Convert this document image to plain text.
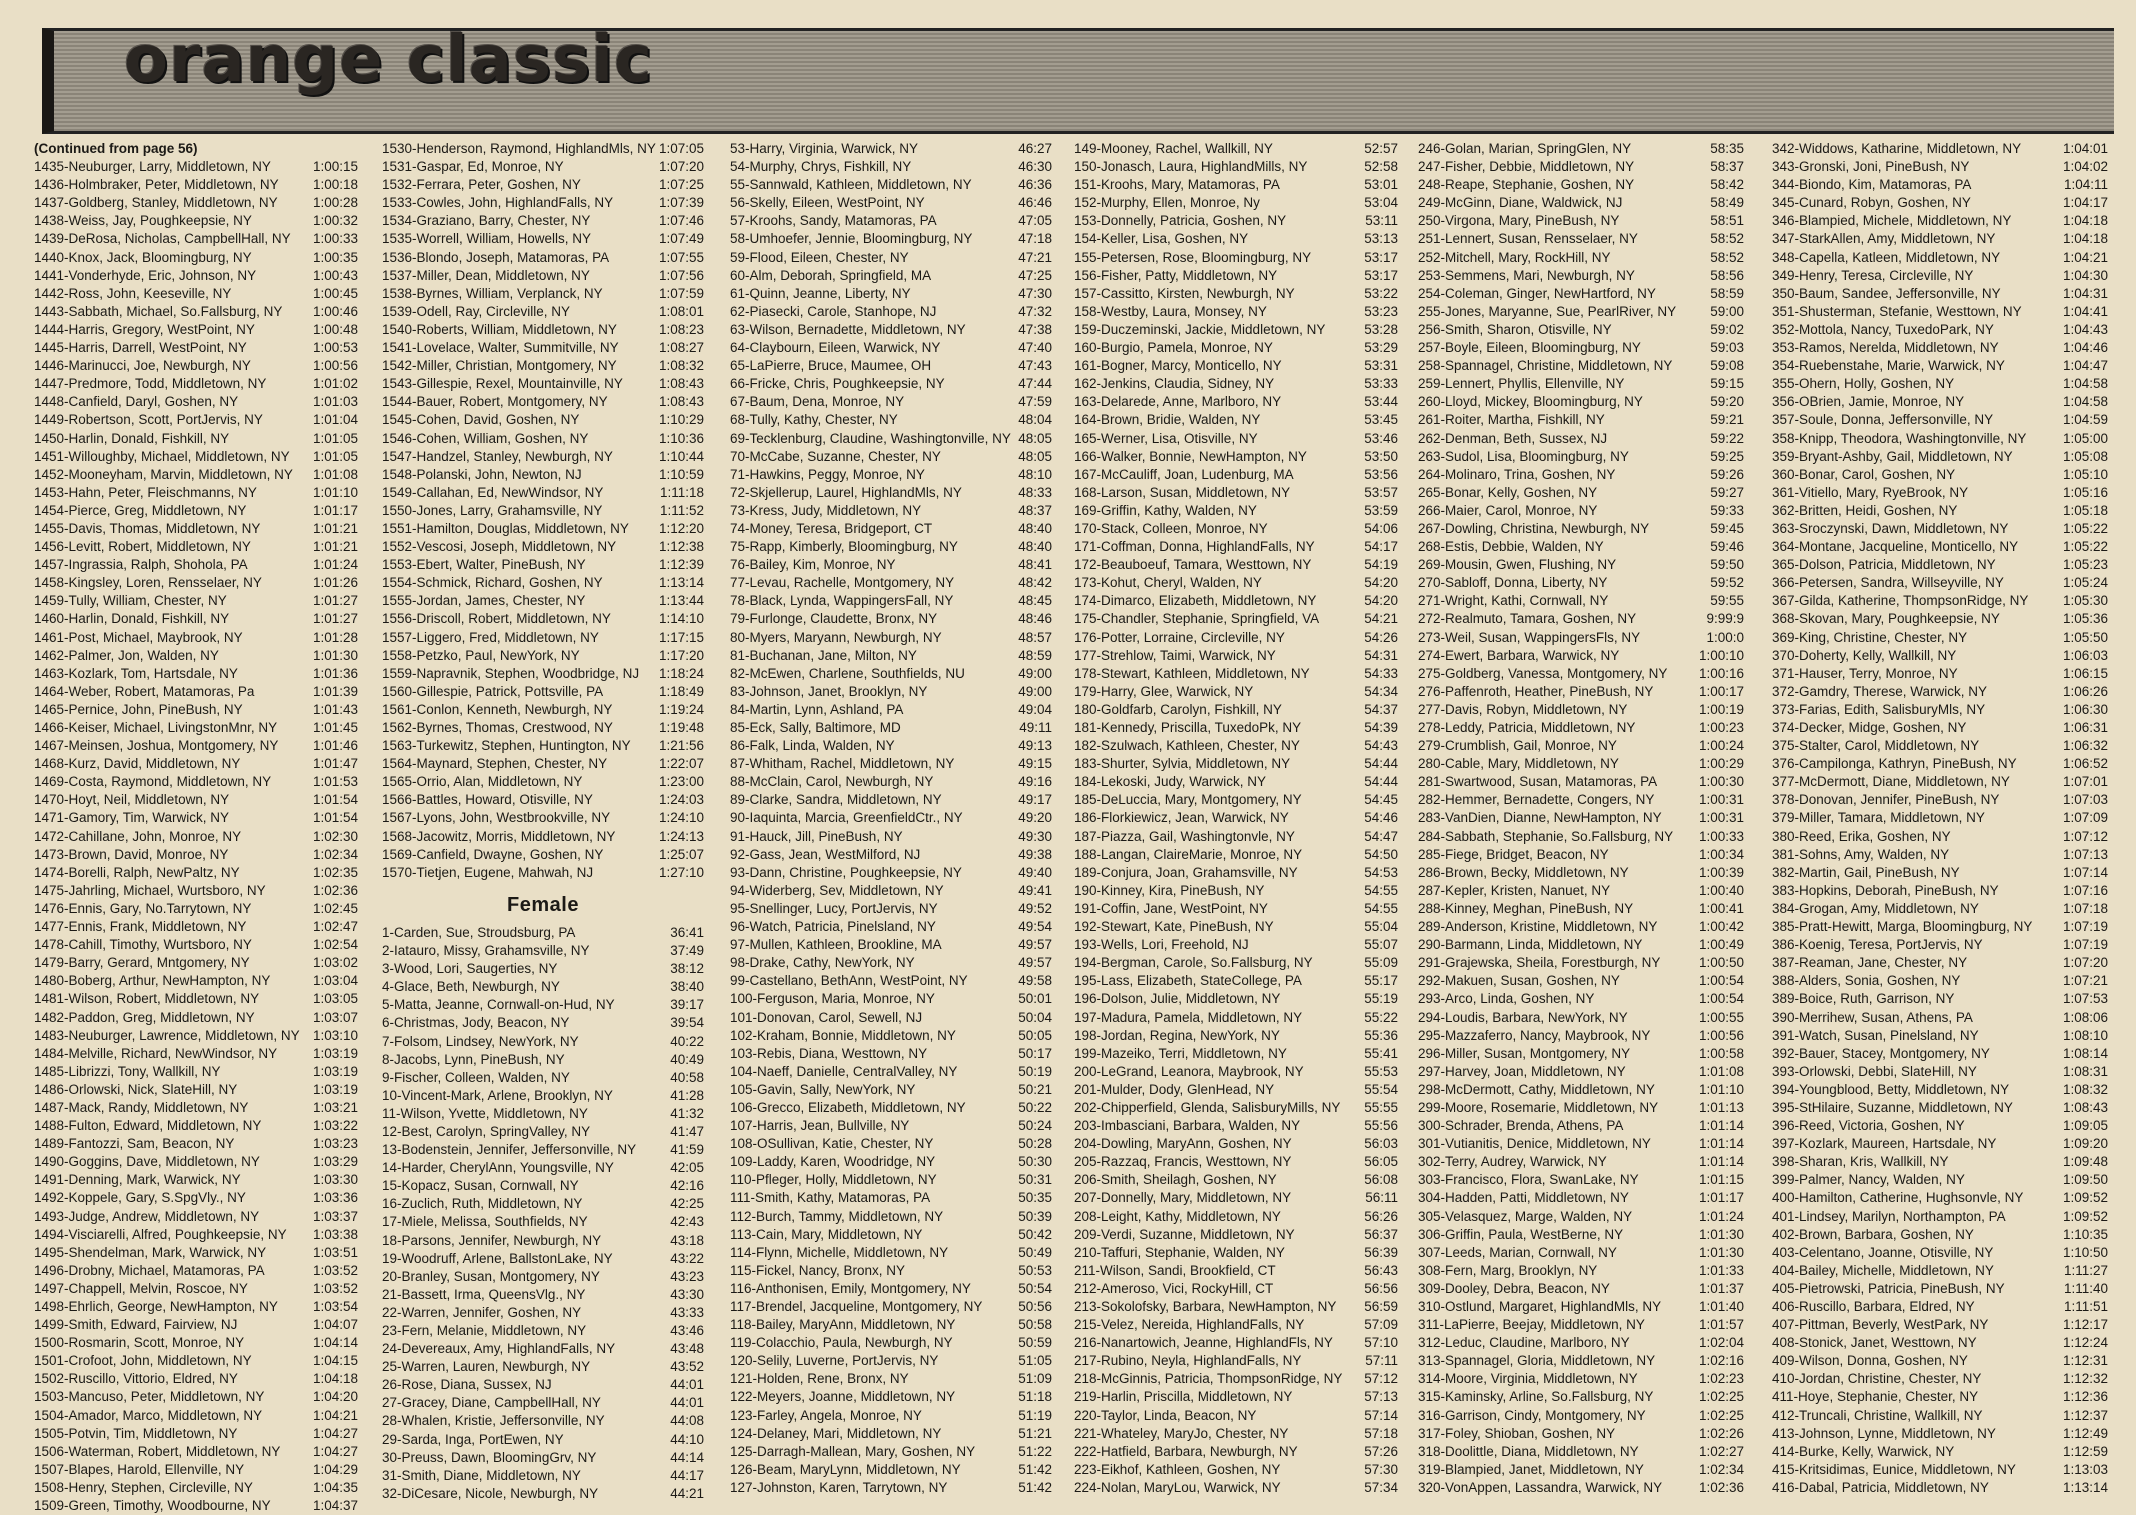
orange classic
(Continued from page 56)
1435-Neuburger, Larry, Middletown, NY	1:00:15
1436-Holmbraker, Peter, Middletown, NY	1:00:18
1437-Goldberg, Stanley, Middletown, NY	1:00:28
1438-Weiss, Jay, Poughkeepsie, NY	1:00:32
1439-DeRosa, Nicholas, CampbellHall, NY	1:00:33
1440-Knox, Jack, Bloomingburg, NY	1:00:35
1441-Vonderhyde, Eric, Johnson, NY	1:00:43
1442-Ross, John, Keeseville, NY	1:00:45
1443-Sabbath, Michael, So.Fallsburg, NY	1:00:46
1444-Harris, Gregory, WestPoint, NY	1:00:48
1445-Harris, Darrell, WestPoint, NY	1:00:53
1446-Marinucci, Joe, Newburgh, NY	1:00:56
1447-Predmore, Todd, Middletown, NY	1:01:02
1448-Canfield, Daryl, Goshen, NY	1:01:03
1449-Robertson, Scott, PortJervis, NY	1:01:04
1450-Harlin, Donald, Fishkill, NY	1:01:05
1451-Willoughby, Michael, Middletown, NY	1:01:05
1452-Mooneyham, Marvin, Middletown, NY	1:01:08
1453-Hahn, Peter, Fleischmanns, NY	1:01:10
1454-Pierce, Greg, Middletown, NY	1:01:17
1455-Davis, Thomas, Middletown, NY	1:01:21
1456-Levitt, Robert, Middletown, NY	1:01:21
1457-Ingrassia, Ralph, Shohola, PA	1:01:24
1458-Kingsley, Loren, Rensselaer, NY	1:01:26
1459-Tully, William, Chester, NY	1:01:27
1460-Harlin, Donald, Fishkill, NY	1:01:27
1461-Post, Michael, Maybrook, NY	1:01:28
1462-Palmer, Jon, Walden, NY	1:01:30
1463-Kozlark, Tom, Hartsdale, NY	1:01:36
1464-Weber, Robert, Matamoras, Pa	1:01:39
1465-Pernice, John, PineBush, NY	1:01:43
1466-Keiser, Michael, LivingstonMnr, NY	1:01:45
1467-Meinsen, Joshua, Montgomery, NY	1:01:46
1468-Kurz, David, Middletown, NY	1:01:47
1469-Costa, Raymond, Middletown, NY	1:01:53
1470-Hoyt, Neil, Middletown, NY	1:01:54
1471-Gamory, Tim, Warwick, NY	1:01:54
1472-Cahillane, John, Monroe, NY	1:02:30
1473-Brown, David, Monroe, NY	1:02:34
1474-Borelli, Ralph, NewPaltz, NY	1:02:35
1475-Jahrling, Michael, Wurtsboro, NY	1:02:36
1476-Ennis, Gary, No.Tarrytown, NY	1:02:45
1477-Ennis, Frank, Middletown, NY	1:02:47
1478-Cahill, Timothy, Wurtsboro, NY	1:02:54
1479-Barry, Gerard, Mntgomery, NY	1:03:02
1480-Boberg, Arthur, NewHampton, NY	1:03:04
1481-Wilson, Robert, Middletown, NY	1:03:05
1482-Paddon, Greg, Middletown, NY	1:03:07
1483-Neuburger, Lawrence, Middletown, NY 1:03:10
1484-Melville, Richard, NewWindsor, NY	1:03:19
1485-Librizzi, Tony, Wallkill, NY	1:03:19
1486-Orlowski, Nick, SlateHill, NY	1:03:19
1487-Mack, Randy, Middletown, NY	1:03:21
1488-Fulton, Edward, Middletown, NY	1:03:22
1489-Fantozzi, Sam, Beacon, NY	1:03:23
1490-Goggins, Dave, Middletown, NY	1:03:29
1491-Denning, Mark, Warwick, NY	1:03:30
1492-Koppele, Gary, S.SpgVly., NY	1:03:36
1493-Judge, Andrew, Middletown, NY	1:03:37
1494-Visciarelli, Alfred, Poughkeepsie, NY	1:03:38
1495-Shendelman, Mark, Warwick, NY	1:03:51
1496-Drobny, Michael, Matamoras, PA	1:03:52
1497-Chappell, Melvin, Roscoe, NY	1:03:52
1498-Ehrlich, George, NewHampton, NY	1:03:54
1499-Smith, Edward, Fairview, NJ	1:04:07
1500-Rosmarin, Scott, Monroe, NY	1:04:14
1501-Crofoot, John, Middletown, NY	1:04:15
1502-Ruscillo, Vittorio, Eldred, NY	1:04:18
1503-Mancuso, Peter, Middletown, NY	1:04:20
1504-Amador, Marco, Middletown, NY	1:04:21
1505-Potvin, Tim, Middletown, NY	1:04:27
1506-Waterman, Robert, Middletown, NY	1:04:27
1507-Blapes, Harold, Ellenville, NY	1:04:29
1508-Henry, Stephen, Circleville, NY	1:04:35
1509-Green, Timothy, Woodbourne, NY	1:04:37
1530-Henderson, Raymond, HighlandMls, NY 1:07:05
1531-Gaspar, Ed, Monroe, NY	1:07:20
1532-Ferrara, Peter, Goshen, NY	1:07:25
1533-Cowles, John, HighlandFalls, NY	1:07:39
1534-Graziano, Barry, Chester, NY	1:07:46
1535-Worrell, William, Howells, NY	1:07:49
1536-Blondo, Joseph, Matamoras, PA	1:07:55
1537-Miller, Dean, Middletown, NY	1:07:56
1538-Byrnes, William, Verplanck, NY	1:07:59
1539-Odell, Ray, Circleville, NY	1:08:01
1540-Roberts, William, Middletown, NY	1:08:23
1541-Lovelace, Walter, Summitville, NY	1:08:27
1542-Miller, Christian, Montgomery, NY	1:08:32
1543-Gillespie, Rexel, Mountainville, NY	1:08:43
1544-Bauer, Robert, Montgomery, NY	1:08:43
1545-Cohen, David, Goshen, NY	1:10:29
1546-Cohen, William, Goshen, NY	1:10:36
1547-Handzel, Stanley, Newburgh, NY	1:10:44
1548-Polanski, John, Newton, NJ	1:10:59
1549-Callahan, Ed, NewWindsor, NY	1:11:18
1550-Jones, Larry, Grahamsville, NY	1:11:52
1551-Hamilton, Douglas, Middletown, NY	1:12:20
1552-Vescosi, Joseph, Middletown, NY	1:12:38
1553-Ebert, Walter, PineBush, NY	1:12:39
1554-Schmick, Richard, Goshen, NY	1:13:14
1555-Jordan, James, Chester, NY	1:13:44
1556-Driscoll, Robert, Middletown, NY	1:14:10
1557-Liggero, Fred, Middletown, NY	1:17:15
1558-Petzko, Paul, NewYork, NY	1:17:20
1559-Napravnik, Stephen, Woodbridge, NJ	1:18:24
1560-Gillespie, Patrick, Pottsville, PA	1:18:49
1561-Conlon, Kenneth, Newburgh, NY	1:19:24
1562-Byrnes, Thomas, Crestwood, NY	1:19:48
1563-Turkewitz, Stephen, Huntington, NY	1:21:56
1564-Maynard, Stephen, Chester, NY	1:22:07
1565-Orrio, Alan, Middletown, NY	1:23:00
1566-Battles, Howard, Otisville, NY	1:24:03
1567-Lyons, John, Westbrookville, NY	1:24:10
1568-Jacowitz, Morris, Middletown, NY	1:24:13
1569-Canfield, Dwayne, Goshen, NY	1:25:07
1570-Tietjen, Eugene, Mahwah, NJ	1:27:10
Female
1-Carden, Sue, Stroudsburg, PA	36:41
2-Iatauro, Missy, Grahamsville, NY	37:49
3-Wood, Lori, Saugerties, NY	38:12
4-Glace, Beth, Newburgh, NY	38:40
5-Matta, Jeanne, Cornwall-on-Hud, NY	39:17
6-Christmas, Jody, Beacon, NY	39:54
7-Folsom, Lindsey, NewYork, NY	40:22
8-Jacobs, Lynn, PineBush, NY	40:49
9-Fischer, Colleen, Walden, NY	40:58
10-Vincent-Mark, Arlene, Brooklyn, NY	41:28
11-Wilson, Yvette, Middletown, NY	41:32
12-Best, Carolyn, SpringValley, NY	41:47
13-Bodenstein, Jennifer, Jeffersonville, NY	41:59
14-Harder, CherylAnn, Youngsville, NY	42:05
15-Kopacz, Susan, Cornwall, NY	42:16
16-Zuclich, Ruth, Middletown, NY	42:25
17-Miele, Melissa, Southfields, NY	42:43
18-Parsons, Jennifer, Newburgh, NY	43:18
19-Woodruff, Arlene, BallstonLake, NY	43:22
20-Branley, Susan, Montgomery, NY	43:23
21-Bassett, Irma, QueensVlg., NY	43:30
22-Warren, Jennifer, Goshen, NY	43:33
23-Fern, Melanie, Middletown, NY	43:46
24-Devereaux, Amy, HighlandFalls, NY	43:48
25-Warren, Lauren, Newburgh, NY	43:52
26-Rose, Diana, Sussex, NJ	44:01
27-Gracey, Diane, CampbellHall, NY	44:01
28-Whalen, Kristie, Jeffersonville, NY	44:08
29-Sarda, Inga, PortEwen, NY	44:10
30-Preuss, Dawn, BloomingGrv, NY	44:14
31-Smith, Diane, Middletown, NY	44:17
32-DiCesare, Nicole, Newburgh, NY	44:21
53-Harry, Virginia, Warwick, NY	46:27
54-Murphy, Chrys, Fishkill, NY	46:30
55-Sannwald, Kathleen, Middletown, NY	46:36
56-Skelly, Eileen, WestPoint, NY	46:46
57-Kroohs, Sandy, Matamoras, PA	47:05
58-Umhoefer, Jennie, Bloomingburg, NY	47:18
59-Flood, Eileen, Chester, NY	47:21
60-Alm, Deborah, Springfield, MA	47:25
61-Quinn, Jeanne, Liberty, NY	47:30
62-Piasecki, Carole, Stanhope, NJ	47:32
63-Wilson, Bernadette, Middletown, NY	47:38
64-Claybourn, Eileen, Warwick, NY	47:40
65-LaPierre, Bruce, Maumee, OH	47:43
66-Fricke, Chris, Poughkeepsie, NY	47:44
67-Baum, Dena, Monroe, NY	47:59
68-Tully, Kathy, Chester, NY	48:04
69-Tecklenburg, Claudine, Washingtonville, NY 48:05
70-McCabe, Suzanne, Chester, NY	48:05
71-Hawkins, Peggy, Monroe, NY	48:10
72-Skjellerup, Laurel, HighlandMls, NY	48:33
73-Kress, Judy, Middletown, NY	48:37
74-Money, Teresa, Bridgeport, CT	48:40
75-Rapp, Kimberly, Bloomingburg, NY	48:40
76-Bailey, Kim, Monroe, NY	48:41
77-Levau, Rachelle, Montgomery, NY	48:42
78-Black, Lynda, WappingersFall, NY	48:45
79-Furlonge, Claudette, Bronx, NY	48:46
80-Myers, Maryann, Newburgh, NY	48:57
81-Buchanan, Jane, Milton, NY	48:59
82-McEwen, Charlene, Southfields, NU	49:00
83-Johnson, Janet, Brooklyn, NY	49:00
84-Martin, Lynn, Ashland, PA	49:04
85-Eck, Sally, Baltimore, MD	49:11
86-Falk, Linda, Walden, NY	49:13
87-Whitham, Rachel, Middletown, NY	49:15
88-McClain, Carol, Newburgh, NY	49:16
89-Clarke, Sandra, Middletown, NY	49:17
90-Iaquinta, Marcia, GreenfieldCtr., NY	49:20
91-Hauck, Jill, PineBush, NY	49:30
92-Gass, Jean, WestMilford, NJ	49:38
93-Dann, Christine, Poughkeepsie, NY	49:40
94-Widerberg, Sev, Middletown, NY	49:41
95-Snellinger, Lucy, PortJervis, NY	49:52
96-Watch, Patricia, Pinelsland, NY	49:54
97-Mullen, Kathleen, Brookline, MA	49:57
98-Drake, Cathy, NewYork, NY	49:57
99-Castellano, BethAnn, WestPoint, NY	49:58
100-Ferguson, Maria, Monroe, NY	50:01
101-Donovan, Carol, Sewell, NJ	50:04
102-Kraham, Bonnie, Middletown, NY	50:05
103-Rebis, Diana, Westtown, NY	50:17
104-Naeff, Danielle, CentralValley, NY	50:19
105-Gavin, Sally, NewYork, NY	50:21
106-Grecco, Elizabeth, Middletown, NY	50:22
107-Harris, Jean, Bullville, NY	50:24
108-OSullivan, Katie, Chester, NY	50:28
109-Laddy, Karen, Woodridge, NY	50:30
110-Pfleger, Holly, Middletown, NY	50:31
111-Smith, Kathy, Matamoras, PA	50:35
112-Burch, Tammy, Middletown, NY	50:39
113-Cain, Mary, Middletown, NY	50:42
114-Flynn, Michelle, Middletown, NY	50:49
115-Fickel, Nancy, Bronx, NY	50:53
116-Anthonisen, Emily, Montgomery, NY	50:54
117-Brendel, Jacqueline, Montgomery, NY	50:56
118-Bailey, MaryAnn, Middletown, NY	50:58
119-Colacchio, Paula, Newburgh, NY	50:59
120-Selily, Luverne, PortJervis, NY	51:05
121-Holden, Rene, Bronx, NY	51:09
122-Meyers, Joanne, Middletown, NY	51:18
123-Farley, Angela, Monroe, NY	51:19
124-Delaney, Mari, Middletown, NY	51:21
125-Darragh-Mallean, Mary, Goshen, NY	51:22
126-Beam, MaryLynn, Middletown, NY	51:42
127-Johnston, Karen, Tarrytown, NY	51:42
149-Mooney, Rachel, Wallkill, NY	52:57
150-Jonasch, Laura, HighlandMills, NY	52:58
151-Kroohs, Mary, Matamoras, PA	53:01
152-Murphy, Ellen, Monroe, Ny	53:04
153-Donnelly, Patricia, Goshen, NY	53:11
154-Keller, Lisa, Goshen, NY	53:13
155-Petersen, Rose, Bloomingburg, NY	53:17
156-Fisher, Patty, Middletown, NY	53:17
157-Cassitto, Kirsten, Newburgh, NY	53:22
158-Westby, Laura, Monsey, NY	53:23
159-Duczeminski, Jackie, Middletown, NY	53:28
160-Burgio, Pamela, Monroe, NY	53:29
161-Bogner, Marcy, Monticello, NY	53:31
162-Jenkins, Claudia, Sidney, NY	53:33
163-Delarede, Anne, Marlboro, NY	53:44
164-Brown, Bridie, Walden, NY	53:45
165-Werner, Lisa, Otisville, NY	53:46
166-Walker, Bonnie, NewHampton, NY	53:50
167-McCauliff, Joan, Ludenburg, MA	53:56
168-Larson, Susan, Middletown, NY	53:57
169-Griffin, Kathy, Walden, NY	53:59
170-Stack, Colleen, Monroe, NY	54:06
171-Coffman, Donna, HighlandFalls, NY	54:17
172-Beauboeuf, Tamara, Westtown, NY	54:19
173-Kohut, Cheryl, Walden, NY	54:20
174-Dimarco, Elizabeth, Middletown, NY	54:20
175-Chandler, Stephanie, Springfield, VA	54:21
176-Potter, Lorraine, Circleville, NY	54:26
177-Strehlow, Taimi, Warwick, NY	54:31
178-Stewart, Kathleen, Middletown, NY	54:33
179-Harry, Glee, Warwick, NY	54:34
180-Goldfarb, Carolyn, Fishkill, NY	54:37
181-Kennedy, Priscilla, TuxedoPk, NY	54:39
182-Szulwach, Kathleen, Chester, NY	54:43
183-Shurter, Sylvia, Middletown, NY	54:44
184-Lekoski, Judy, Warwick, NY	54:44
185-DeLuccia, Mary, Montgomery, NY	54:45
186-Florkiewicz, Jean, Warwick, NY	54:46
187-Piazza, Gail, Washingtonvle, NY	54:47
188-Langan, ClaireMarie, Monroe, NY	54:50
189-Conjura, Joan, Grahamsville, NY	54:53
190-Kinney, Kira, PineBush, NY	54:55
191-Coffin, Jane, WestPoint, NY	54:55
192-Stewart, Kate, PineBush, NY	55:04
193-Wells, Lori, Freehold, NJ	55:07
194-Bergman, Carole, So.Fallsburg, NY	55:09
195-Lass, Elizabeth, StateCollege, PA	55:17
196-Dolson, Julie, Middletown, NY	55:19
197-Madura, Pamela, Middletown, NY	55:22
198-Jordan, Regina, NewYork, NY	55:36
199-Mazeiko, Terri, Middletown, NY	55:41
200-LeGrand, Leanora, Maybrook, NY	55:53
201-Mulder, Dody, GlenHead, NY	55:54
202-Chipperfield, Glenda, SalisburyMills, NY	55:55
203-Imbasciani, Barbara, Walden, NY	55:56
204-Dowling, MaryAnn, Goshen, NY	56:03
205-Razzaq, Francis, Westtown, NY	56:05
206-Smith, Sheilagh, Goshen, NY	56:08
207-Donnelly, Mary, Middletown, NY	56:11
208-Leight, Kathy, Middletown, NY	56:26
209-Verdi, Suzanne, Middletown, NY	56:37
210-Taffuri, Stephanie, Walden, NY	56:39
211-Wilson, Sandi, Brookfield, CT	56:43
212-Ameroso, Vici, RockyHill, CT	56:56
213-Sokolofsky, Barbara, NewHampton, NY	56:59
215-Velez, Nereida, HighlandFalls, NY	57:09
216-Nanartowich, Jeanne, HighlandFls, NY	57:10
217-Rubino, Neyla, HighlandFalls, NY	57:11
218-McGinnis, Patricia, ThompsonRidge, NY	57:12
219-Harlin, Priscilla, Middletown, NY	57:13
220-Taylor, Linda, Beacon, NY	57:14
221-Whateley, MaryJo, Chester, NY	57:18
222-Hatfield, Barbara, Newburgh, NY	57:26
223-Eikhof, Kathleen, Goshen, NY	57:30
224-Nolan, MaryLou, Warwick, NY	57:34
246-Golan, Marian, SpringGlen, NY	58:35
247-Fisher, Debbie, Middletown, NY	58:37
248-Reape, Stephanie, Goshen, NY	58:42
249-McGinn, Diane, Waldwick, NJ	58:49
250-Virgona, Mary, PineBush, NY	58:51
251-Lennert, Susan, Rensselaer, NY	58:52
252-Mitchell, Mary, RockHill, NY	58:52
253-Semmens, Mari, Newburgh, NY	58:56
254-Coleman, Ginger, NewHartford, NY	58:59
255-Jones, Maryanne, Sue, PearlRiver, NY	59:00
256-Smith, Sharon, Otisville, NY	59:02
257-Boyle, Eileen, Bloomingburg, NY	59:03
258-Spannagel, Christine, Middletown, NY	59:08
259-Lennert, Phyllis, Ellenville, NY	59:15
260-Lloyd, Mickey, Bloomingburg, NY	59:20
261-Roiter, Martha, Fishkill, NY	59:21
262-Denman, Beth, Sussex, NJ	59:22
263-Sudol, Lisa, Bloomingburg, NY	59:25
264-Molinaro, Trina, Goshen, NY	59:26
265-Bonar, Kelly, Goshen, NY	59:27
266-Maier, Carol, Monroe, NY	59:33
267-Dowling, Christina, Newburgh, NY	59:45
268-Estis, Debbie, Walden, NY	59:46
269-Mousin, Gwen, Flushing, NY	59:50
270-Sabloff, Donna, Liberty, NY	59:52
271-Wright, Kathi, Cornwall, NY	59:55
272-Realmuto, Tamara, Goshen, NY	9:99:9
273-Weil, Susan, WappingersFls, NY	1:00:0
274-Ewert, Barbara, Warwick, NY	1:00:10
275-Goldberg, Vanessa, Montgomery, NY	1:00:16
276-Paffenroth, Heather, PineBush, NY	1:00:17
277-Davis, Robyn, Middletown, NY	1:00:19
278-Leddy, Patricia, Middletown, NY	1:00:23
279-Crumblish, Gail, Monroe, NY	1:00:24
280-Cable, Mary, Middletown, NY	1:00:29
281-Swartwood, Susan, Matamoras, PA	1:00:30
282-Hemmer, Bernadette, Congers, NY	1:00:31
283-VanDien, Dianne, NewHampton, NY	1:00:31
284-Sabbath, Stephanie, So.Fallsburg, NY	1:00:33
285-Fiege, Bridget, Beacon, NY	1:00:34
286-Brown, Becky, Middletown, NY	1:00:39
287-Kepler, Kristen, Nanuet, NY	1:00:40
288-Kinney, Meghan, PineBush, NY	1:00:41
289-Anderson, Kristine, Middletown, NY	1:00:42
290-Barmann, Linda, Middletown, NY	1:00:49
291-Grajewska, Sheila, Forestburgh, NY	1:00:50
292-Makuen, Susan, Goshen, NY	1:00:54
293-Arco, Linda, Goshen, NY	1:00:54
294-Loudis, Barbara, NewYork, NY	1:00:55
295-Mazzaferro, Nancy, Maybrook, NY	1:00:56
296-Miller, Susan, Montgomery, NY	1:00:58
297-Harvey, Joan, Middletown, NY	1:01:08
298-McDermott, Cathy, Middletown, NY	1:01:10
299-Moore, Rosemarie, Middletown, NY	1:01:13
300-Schrader, Brenda, Athens, PA	1:01:14
301-Vutianitis, Denice, Middletown, NY	1:01:14
302-Terry, Audrey, Warwick, NY	1:01:14
303-Francisco, Flora, SwanLake, NY	1:01:15
304-Hadden, Patti, Middletown, NY	1:01:17
305-Velasquez, Marge, Walden, NY	1:01:24
306-Griffin, Paula, WestBerne, NY	1:01:30
307-Leeds, Marian, Cornwall, NY	1:01:30
308-Fern, Marg, Brooklyn, NY	1:01:33
309-Dooley, Debra, Beacon, NY	1:01:37
310-Ostlund, Margaret, HighlandMls, NY	1:01:40
311-LaPierre, Beejay, Middletown, NY	1:01:57
312-Leduc, Claudine, Marlboro, NY	1:02:04
313-Spannagel, Gloria, Middletown, NY	1:02:16
314-Moore, Virginia, Middletown, NY	1:02:23
315-Kaminsky, Arline, So.Fallsburg, NY	1:02:25
316-Garrison, Cindy, Montgomery, NY	1:02:25
317-Foley, Shioban, Goshen, NY	1:02:26
318-Doolittle, Diana, Middletown, NY	1:02:27
319-Blampied, Janet, Middletown, NY	1:02:34
320-VonAppen, Lassandra, Warwick, NY	1:02:36
342-Widdows, Katharine, Middletown, NY	1:04:01
343-Gronski, Joni, PineBush, NY	1:04:02
344-Biondo, Kim, Matamoras, PA	1:04:11
345-Cunard, Robyn, Goshen, NY	1:04:17
346-Blampied, Michele, Middletown, NY	1:04:18
347-StarkAllen, Amy, Middletown, NY	1:04:18
348-Capella, Katleen, Middletown, NY	1:04:21
349-Henry, Teresa, Circleville, NY	1:04:30
350-Baum, Sandee, Jeffersonville, NY	1:04:31
351-Shusterman, Stefanie, Westtown, NY	1:04:41
352-Mottola, Nancy, TuxedoPark, NY	1:04:43
353-Ramos, Nerelda, Middletown, NY	1:04:46
354-Ruebenstahe, Marie, Warwick, NY	1:04:47
355-Ohern, Holly, Goshen, NY	1:04:58
356-OBrien, Jamie, Monroe, NY	1:04:58
357-Soule, Donna, Jeffersonville, NY	1:04:59
358-Knipp, Theodora, Washingtonville, NY	1:05:00
359-Bryant-Ashby, Gail, Middletown, NY	1:05:08
360-Bonar, Carol, Goshen, NY	1:05:10
361-Vitiello, Mary, RyeBrook, NY	1:05:16
362-Britten, Heidi, Goshen, NY	1:05:18
363-Sroczynski, Dawn, Middletown, NY	1:05:22
364-Montane, Jacqueline, Monticello, NY	1:05:22
365-Dolson, Patricia, Middletown, NY	1:05:23
366-Petersen, Sandra, Willseyville, NY	1:05:24
367-Gilda, Katherine, ThompsonRidge, NY	1:05:30
368-Skovan, Mary, Poughkeepsie, NY	1:05:36
369-King, Christine, Chester, NY	1:05:50
370-Doherty, Kelly, Wallkill, NY	1:06:03
371-Hauser, Terry, Monroe, NY	1:06:15
372-Gamdry, Therese, Warwick, NY	1:06:26
373-Farias, Edith, SalisburyMls, NY	1:06:30
374-Decker, Midge, Goshen, NY	1:06:31
375-Stalter, Carol, Middletown, NY	1:06:32
376-Campilonga, Kathryn, PineBush, NY	1:06:52
377-McDermott, Diane, Middletown, NY	1:07:01
378-Donovan, Jennifer, PineBush, NY	1:07:03
379-Miller, Tamara, Middletown, NY	1:07:09
380-Reed, Erika, Goshen, NY	1:07:12
381-Sohns, Amy, Walden, NY	1:07:13
382-Martin, Gail, PineBush, NY	1:07:14
383-Hopkins, Deborah, PineBush, NY	1:07:16
384-Grogan, Amy, Middletown, NY	1:07:18
385-Pratt-Hewitt, Marga, Bloomingburg, NY	1:07:19
386-Koenig, Teresa, PortJervis, NY	1:07:19
387-Reaman, Jane, Chester, NY	1:07:20
388-Alders, Sonia, Goshen, NY	1:07:21
389-Boice, Ruth, Garrison, NY	1:07:53
390-Merrihew, Susan, Athens, PA	1:08:06
391-Watch, Susan, Pinelsland, NY	1:08:10
392-Bauer, Stacey, Montgomery, NY	1:08:14
393-Orlowski, Debbi, SlateHill, NY	1:08:31
394-Youngblood, Betty, Middletown, NY	1:08:32
395-StHilaire, Suzanne, Middletown, NY	1:08:43
396-Reed, Victoria, Goshen, NY	1:09:05
397-Kozlark, Maureen, Hartsdale, NY	1:09:20
398-Sharan, Kris, Wallkill, NY	1:09:48
399-Palmer, Nancy, Walden, NY	1:09:50
400-Hamilton, Catherine, Hughsonvle, NY	1:09:52
401-Lindsey, Marilyn, Northampton, PA	1:09:52
402-Brown, Barbara, Goshen, NY	1:10:35
403-Celentano, Joanne, Otisville, NY	1:10:50
404-Bailey, Michelle, Middletown, NY	1:11:27
405-Pietrowski, Patricia, PineBush, NY	1:11:40
406-Ruscillo, Barbara, Eldred, NY	1:11:51
407-Pittman, Beverly, WestPark, NY	1:12:17
408-Stonick, Janet, Westtown, NY	1:12:24
409-Wilson, Donna, Goshen, NY	1:12:31
410-Jordan, Christine, Chester, NY	1:12:32
411-Hoye, Stephanie, Chester, NY	1:12:36
412-Truncali, Christine, Wallkill, NY	1:12:37
413-Johnson, Lynne, Middletown, NY	1:12:49
414-Burke, Kelly, Warwick, NY	1:12:59
415-Kritsidimas, Eunice, Middletown, NY	1:13:03
416-Dabal, Patricia, Middletown, NY	1:13:14
